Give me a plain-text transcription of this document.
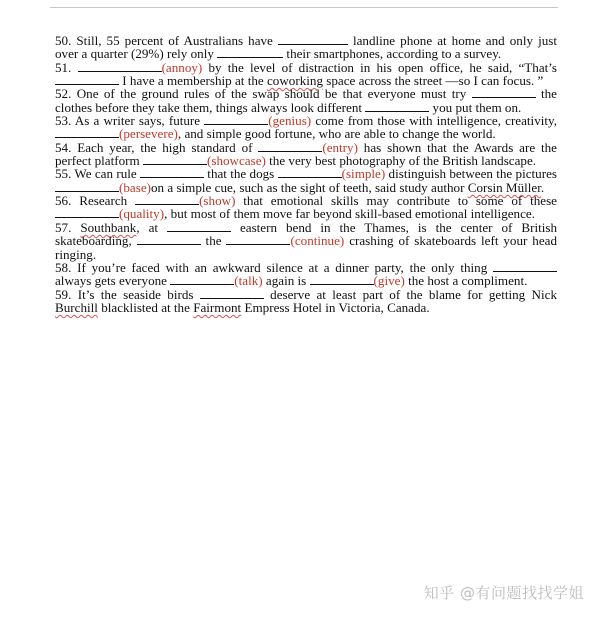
50. Still, 55 percent of Australians have	landline phone at home and only just over a quarter (29%) rely only	their smartphones, according to a survey.

51.	(annoy) by the level of distraction in his open office, he said, “That’s  I have a membership at the coworking space across the street —so I can focus. ”

52. One of the ground rules of the swap should be that everyone must try	the clothes before they take them, things always look different	you put them on.

53. As a writer says, future	(genius) come from those with intelligence, creativity, (persevere), and simple good fortune, who are able to change the world.

54. Each year, the high standard of	(entry) has shown that the Awards are the perfect platform	(showcase) the very best photography of the British landscape.

55. We can rule	that the dogs	(simple) distinguish between the pictures (base)on a simple cue, such as the sight of teeth, said study author Corsin Müller.

56. Research	(show) that emotional skills may contribute to some of these (quality), but most of them move far beyond skill-based emotional intelligence.

57. Southbank, at	eastern bend in the Thames, is the center of British skateboarding,	the	(continue) crashing of skateboards left your head ringing.

58. If you’re faced with an awkward silence at a dinner party, the only thing	always gets everyone	(talk) again is	(give) the host a compliment.

59. It’s the seaside birds	deserve at least part of the blame for getting Nick Burchill blacklisted at the Fairmont Empress Hotel in Victoria, Canada.

知乎 @有问题找找学姐
